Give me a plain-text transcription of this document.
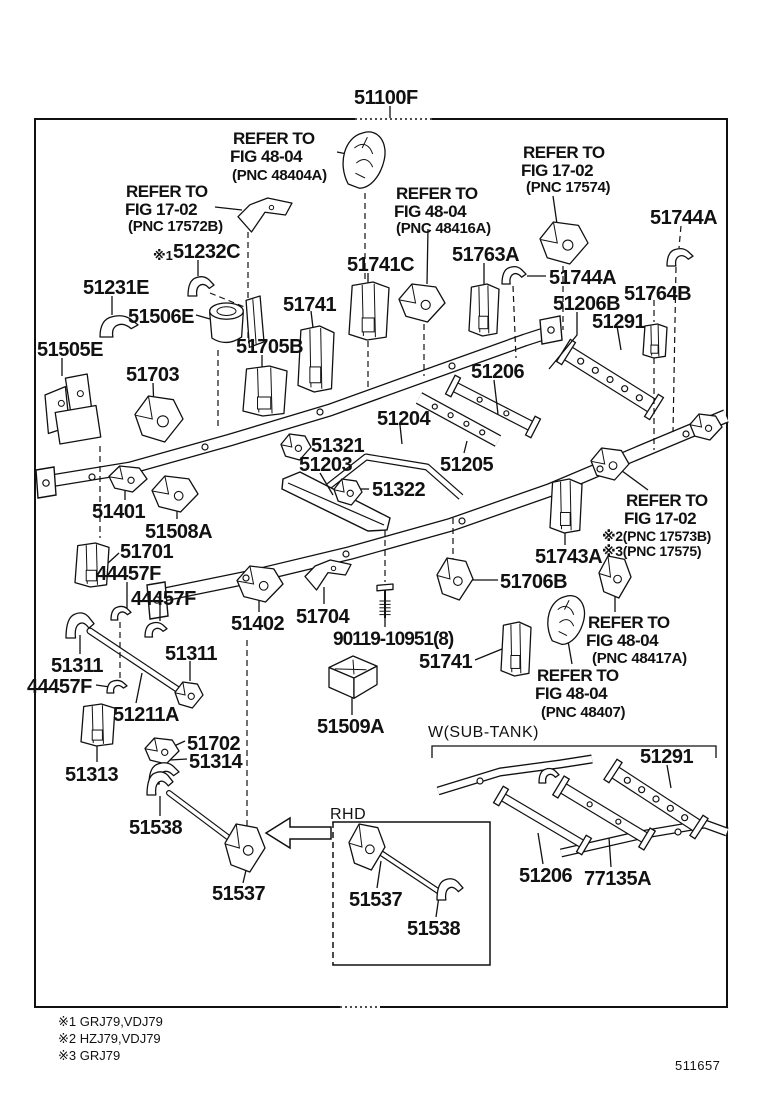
51100F
REFER TO
FIG 48-04
(PNC 48404A)
REFER TO
FIG 17-02
(PNC 17572B)
※1 51232C
51231E
51506E
51505E
51703
51705B
51741
51741C
REFER TO
FIG 48-04
(PNC 48416A)
51763A
REFER TO
FIG 17-02
(PNC 17574)
51744A
51744A
51206B
51291
51764B
51206
51204
51321
51203	51205
51322
51401
51508A
51701
44457F
44457F
51311
44457F
51311
51211A
51402 51704
90119-10951(8)
51741
51702
51314
51313
51509A
51538
51537
51743A
51706B
REFER TO
FIG 17-02
※2(PNC 17573B)
※3(PNC 17575)
REFER TO
FIG 48-04
(PNC 48417A)
REFER TO
FIG 48-04
(PNC 48407)
W(SUB-TANK)
51291
51206 77135A
RHD
51537
51538
※1 GRJ79,VDJ79
※2 HZJ79,VDJ79
※3 GRJ79
511657
